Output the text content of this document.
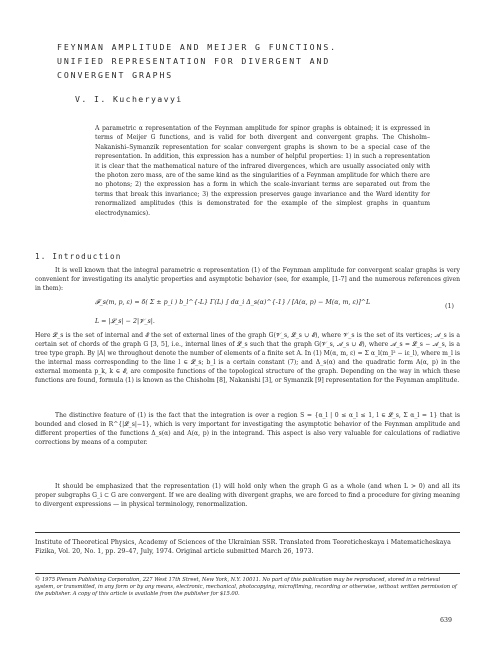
FEYNMAN AMPLITUDE AND MEIJER G FUNCTIONS.
UNIFIED REPRESENTATION FOR DIVERGENT AND
CONVERGENT GRAPHS
V. I. Kucheryavyi
A parametric α representation of the Feynman amplitude for spinor graphs is obtained; it is expressed in terms of Meijer G functions, and is valid for both divergent and convergent graphs. The Chisholm–Nakanishi–Symanzik representation for scalar convergent graphs is shown to be a special case of the representation. In addition, this expression has a number of helpful properties: 1) in such a representation it is clear that the mathematical nature of the infrared divergences, which are usually associated only with the photon zero mass, are of the same kind as the singularities of a Feynman amplitude for which there are no photons; 2) the expression has a form in which the scale-invariant terms are separated out from the terms that break this invariance; 3) the expression preserves gauge invariance and the Ward identity for renormalized amplitudes (this is demonstrated for the example of the simplest graphs in quantum electrodynamics).
1. Introduction
It is well known that the integral parametric α representation (1) of the Feynman amplitude for convergent scalar graphs is very convenient for investigating its analytic properties and asymptotic behavior (see, for example, [1-7] and the numerous references given in them):
𝓕_s(m, p, ε) = δ( Σ ± p_i ) b_l^{-L} Γ(L) ∫ dα_i Δ_s(α)^{-1} / [A(α, p) − M(α, m, ε)]^L
L = |𝓛_s| − 2|𝓥_s|.
(1)
Here 𝓛_s is the set of internal and 𝓔 the set of external lines of the graph G(𝓥_s, 𝓛_s ∪ 𝓔), where 𝓥_s is the set of its vertices; 𝓐_s is a certain set of chords of the graph G [3, 5], i.e., internal lines of 𝓛_s such that the graph G(𝓥_s, 𝓐_s ∪ 𝓔), where 𝓐_s = 𝓛_s − 𝓐_s, is a tree type graph. By |A| we throughout denote the number of elements of a finite set A. In (1) M(α, m, ε) = Σ α_l(m_l² − iε_l), where m_l is the internal mass corresponding to the line l ∈ 𝓛_s; b_l is a certain constant (7); and Δ_s(α) and the quadratic form A(α, p) in the external momenta p_k, k ∈ 𝓔, are composite functions of the topological structure of the graph. Depending on the way in which these functions are found, formula (1) is known as the Chisholm [8], Nakanishi [3], or Symanzik [9] representation for the Feynman amplitude.
The distinctive feature of (1) is the fact that the integration is over a region S = {α_l | 0 ≤ α_l ≤ 1, l ∈ 𝓛_s, Σ α_l = 1} that is bounded and closed in R^{|𝓛_s|−1}, which is very important for investigating the asymptotic behavior of the Feynman amplitude and different properties of the functions Δ_s(α) and A(α, p) in the integrand. This aspect is also very valuable for calculations of radiative corrections by means of a computer.
It should be emphasized that the representation (1) will hold only when the graph G as a whole (and when L > 0) and all its proper subgraphs G_i ⊂ G are convergent. If we are dealing with divergent graphs, we are forced to find a procedure for giving meaning to divergent expressions — in physical terminology, renormalization.
Institute of Theoretical Physics, Academy of Sciences of the Ukrainian SSR. Translated from Teoreticheskaya i Matematicheskaya Fizika, Vol. 20, No. 1, pp. 29–47, July, 1974. Original article submitted March 26, 1973.
© 1975 Plenum Publishing Corporation, 227 West 17th Street, New York, N.Y. 10011. No part of this publication may be reproduced, stored in a retrieval system, or transmitted, in any form or by any means, electronic, mechanical, photocopying, microfilming, recording or otherwise, without written permission of the publisher. A copy of this article is available from the publisher for $15.00.
639
